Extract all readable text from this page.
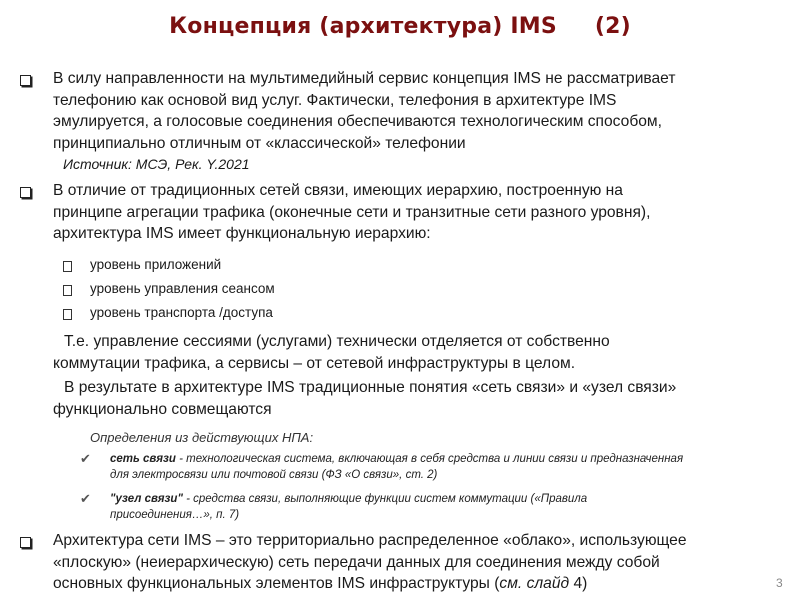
Концепция (архитектура) IMS (2)
В силу направленности на мультимедийный сервис концепция IMS не рассматривает
телефонию как основой вид услуг. Фактически, телефония в архитектуре IMS
эмулируется, а голосовые соединения обеспечиваются технологическим способом,
принципиально отличным от «классической» телефонии
Источник: МСЭ, Рек. Y.2021
В отличие от традиционных сетей связи, имеющих иерархию, построенную на
принципе агрегации трафика (оконечные сети и транзитные сети разного уровня),
архитектура IMS имеет функциональную иерархию:
уровень приложений
уровень управления сеансом
уровень транспорта /доступа
Т.е. управление сессиями (услугами) технически отделяется от собственно
коммутации трафика, а сервисы – от сетевой инфраструктуры в целом.
В результате в архитектуре IMS традиционные понятия «сеть связи» и «узел связи»
функционально совмещаются
Определения из действующих НПА:
✔ сеть связи - технологическая система, включающая в себя средства и линии связи и предназначенная
для электросвязи или почтовой связи (ФЗ «О связи», ст. 2)
✔ "узел связи" - средства связи, выполняющие функции систем коммутации («Правила
присоединения…», п. 7)
Архитектура сети IMS – это территориально распределенное «облако», использующее
«плоскую» (неиерархическую) сеть передачи данных для соединения между собой
основных функциональных элементов IMS инфраструктуры (см. слайд 4)	3
